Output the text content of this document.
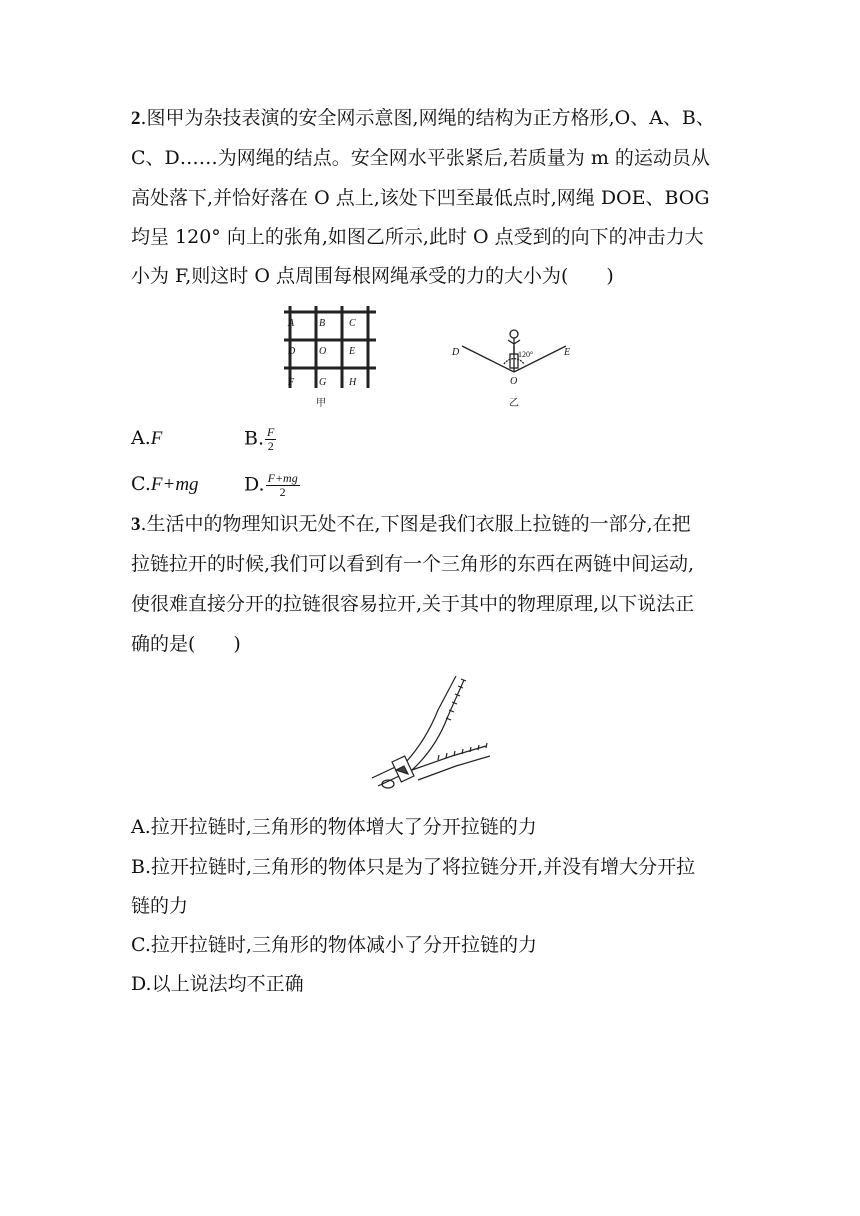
2.图甲为杂技表演的安全网示意图,网绳的结构为正方格形,O、A、B、
C、D……为网绳的结点。安全网水平张紧后,若质量为 m 的运动员从
高处落下,并恰好落在 O 点上,该处下凹至最低点时,网绳 DOE、BOG
均呈 120° 向上的张角,如图乙所示,此时 O 点受到的向下的冲击力大
小为 F,则这时 O 点周围每根网绳承受的力的大小为(　　)
A B C
D O E
F G H
甲
D	E
O
120°
乙
A.F	B. $\frac{F}{2}$
C.F+mg D. $\frac{F+mg}{2}$
3.生活中的物理知识无处不在,下图是我们衣服上拉链的一部分,在把
拉链拉开的时候,我们可以看到有一个三角形的东西在两链中间运动,
使很难直接分开的拉链很容易拉开,关于其中的物理原理,以下说法正
确的是(　　)
A.拉开拉链时,三角形的物体增大了分开拉链的力
B.拉开拉链时,三角形的物体只是为了将拉链分开,并没有增大分开拉
链的力
C.拉开拉链时,三角形的物体减小了分开拉链的力
D.以上说法均不正确
